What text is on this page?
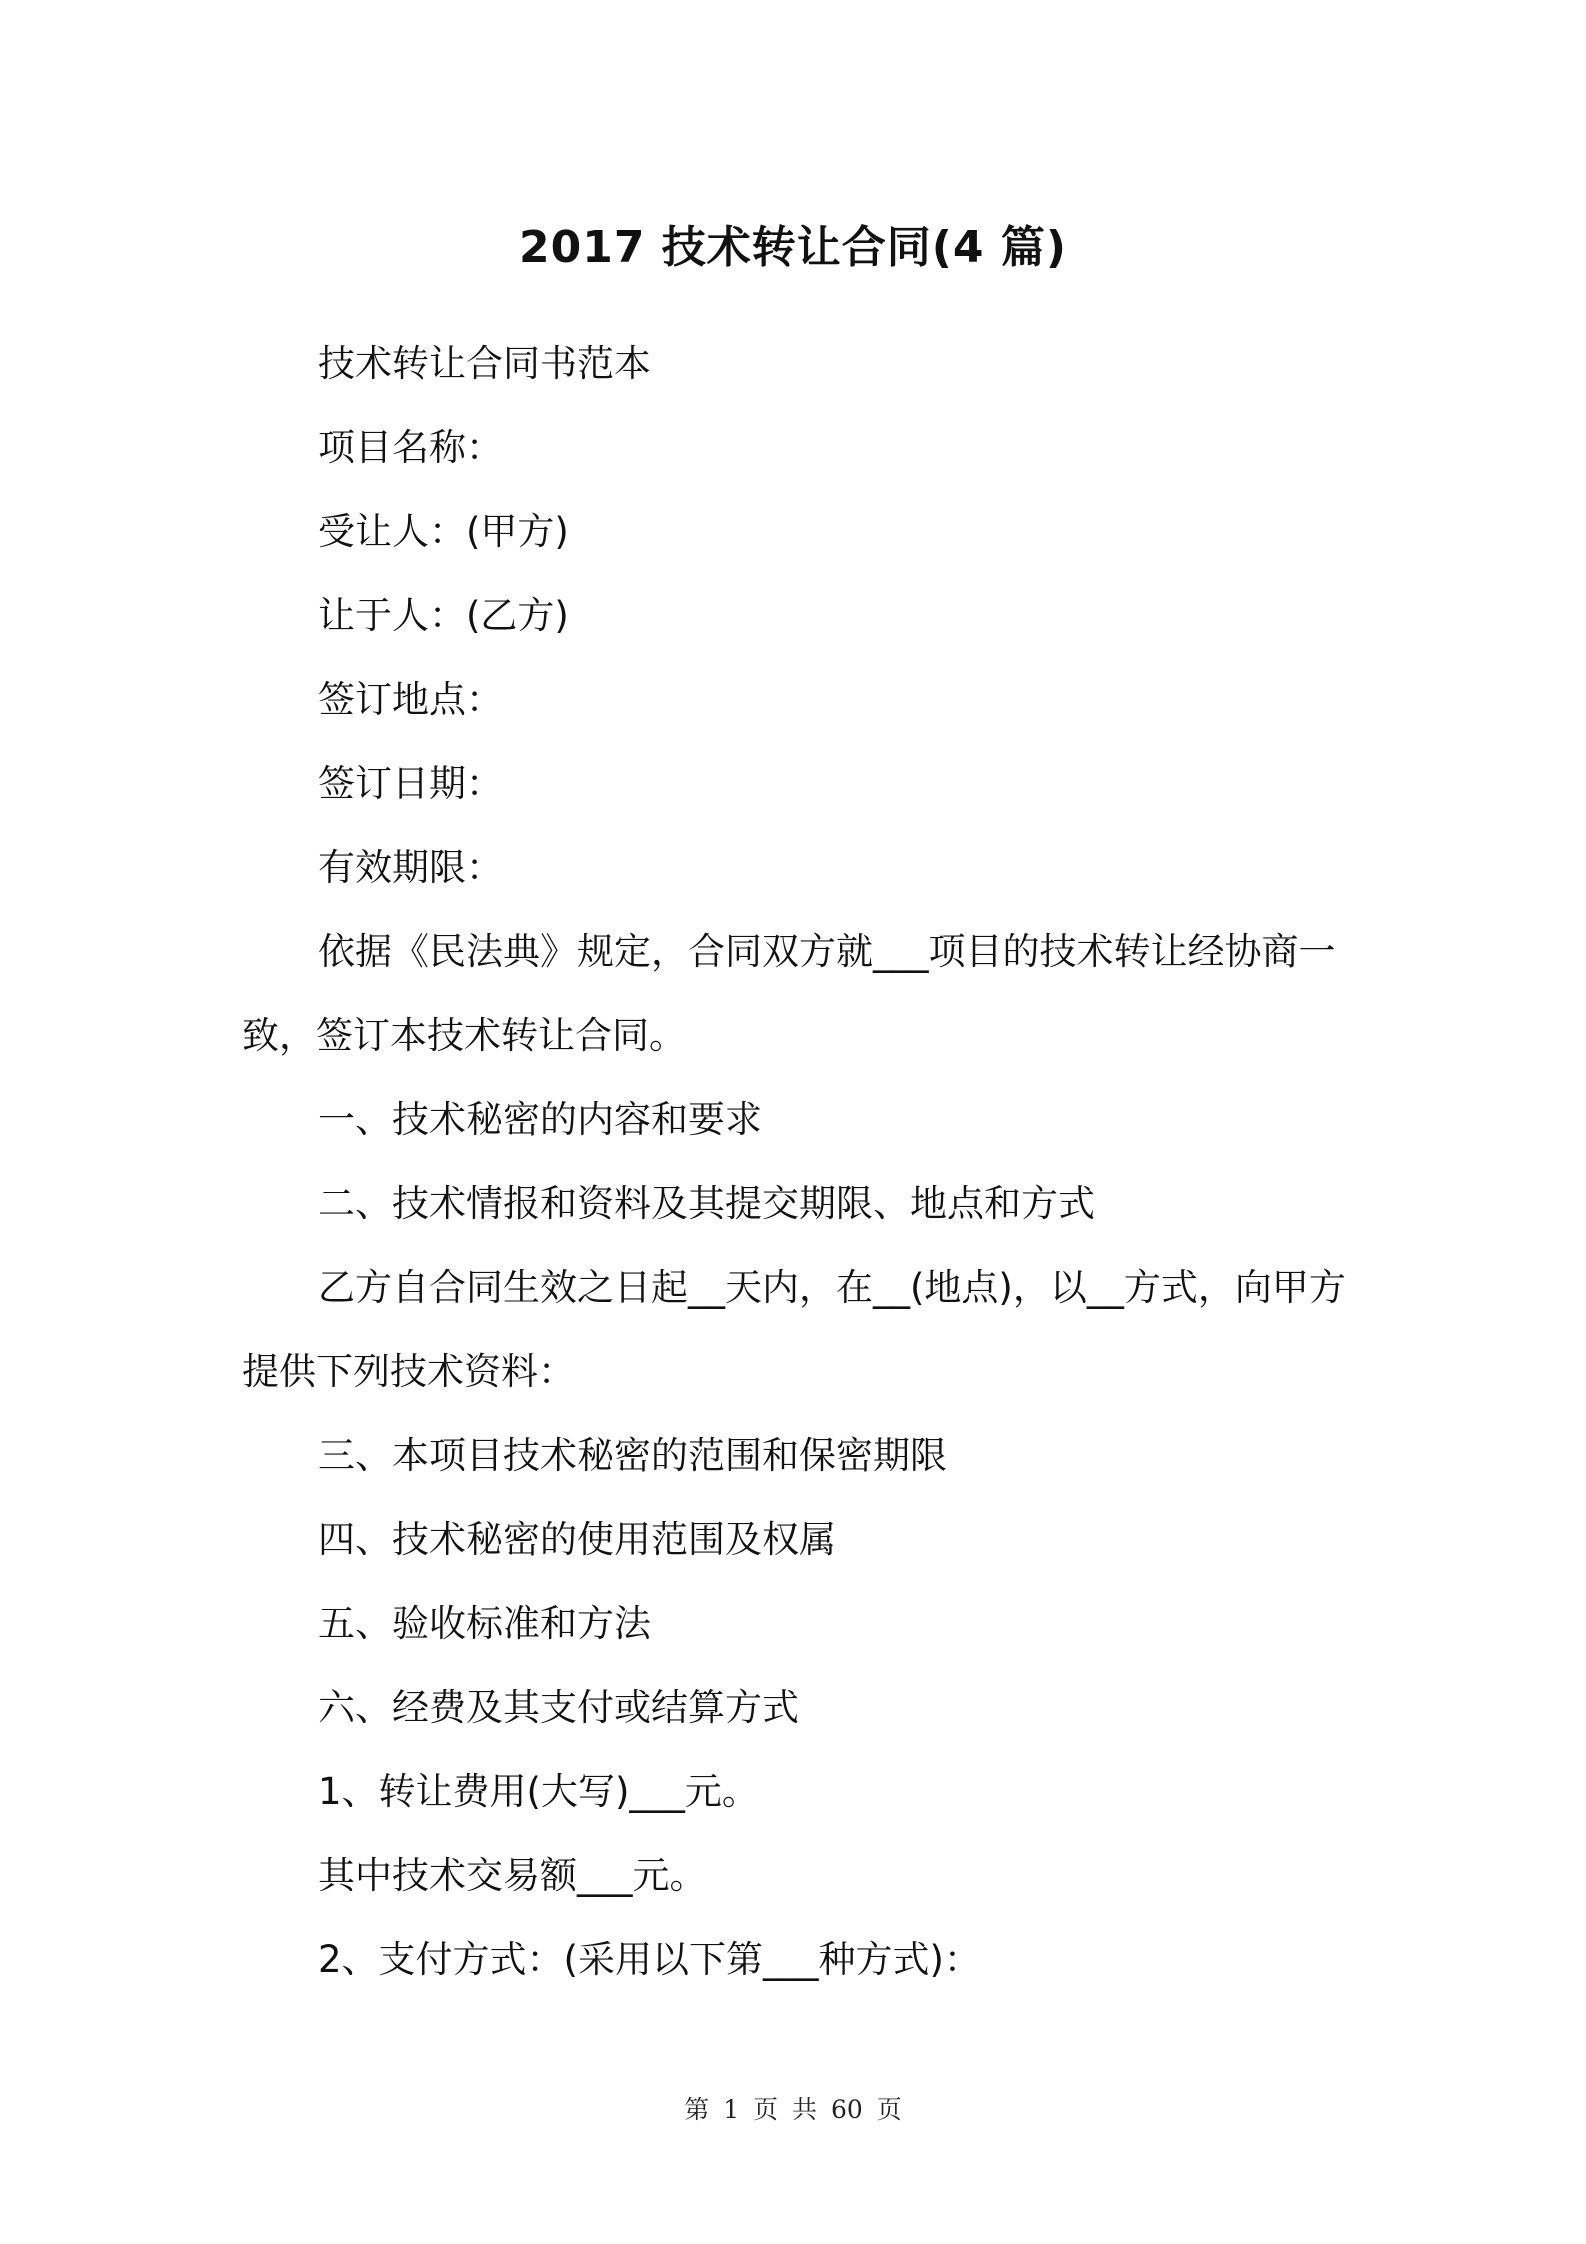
2017 技术转让合同(4 篇)

技术转让合同书范本

项目名称：

受让人：(甲方)

让于人：(乙方)

签订地点：

签订日期：

有效期限：

依据《民法典》规定，合同双方就___项目的技术转让经协商一致，签订本技术转让合同。

一、技术秘密的内容和要求

二、技术情报和资料及其提交期限、地点和方式

乙方自合同生效之日起__天内，在__(地点)，以__方式，向甲方提供下列技术资料：

三、本项目技术秘密的范围和保密期限

四、技术秘密的使用范围及权属

五、验收标准和方法

六、经费及其支付或结算方式

1、转让费用(大写)___元。

其中技术交易额___元。

2、支付方式：(采用以下第___种方式)：

第 1 页 共 60 页
